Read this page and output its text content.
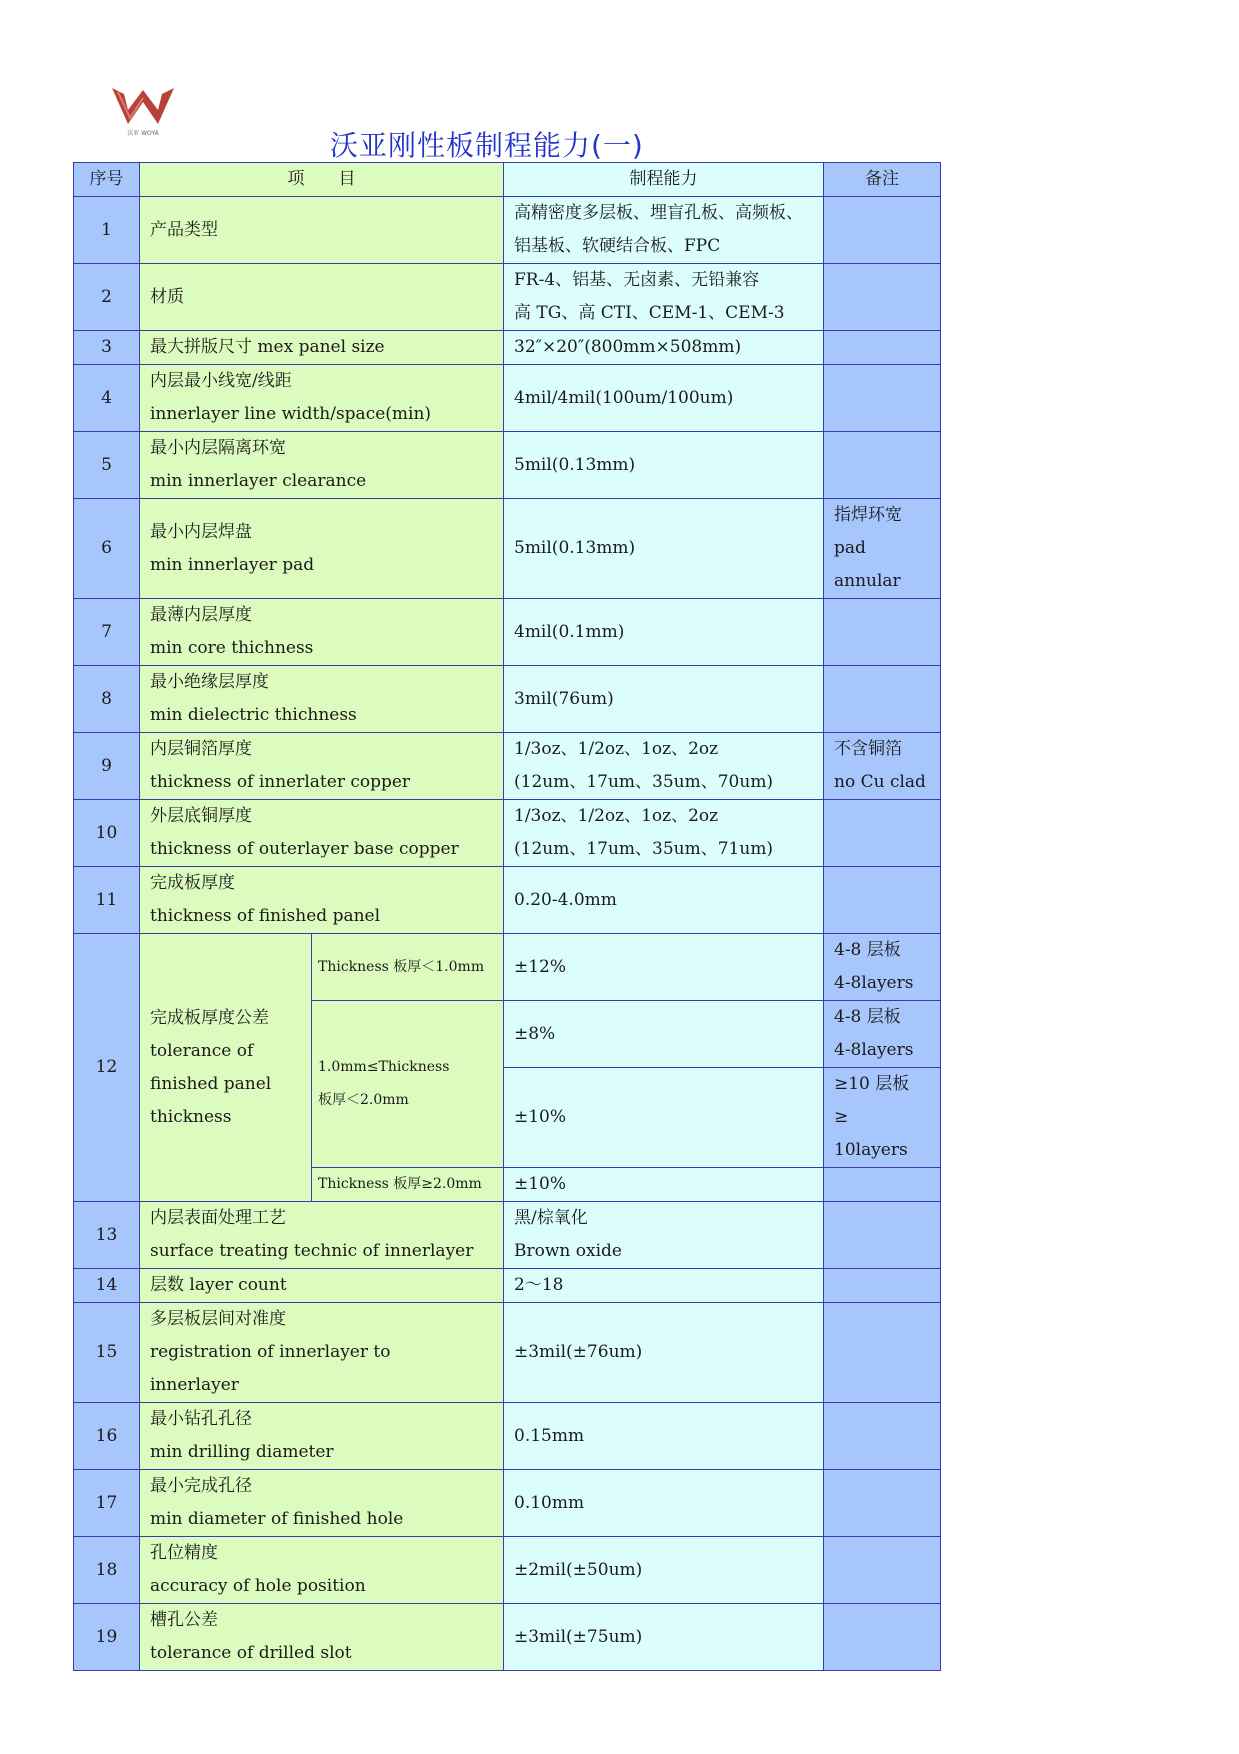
沃亚 WOYA	沃亚刚性板制程能力(一)
序号	项　　目		制程能力	备注
1	产品类型		高精密度多层板、埋盲孔板、高频板、
铝基板、软硬结合板、FPC	

2	材质		FR-4、铝基、无卤素、无铅兼容
高 TG、高 CTI、CEM-1、CEM-3	

3	最大拼版尺寸 mex panel size		32″×20″(800mm×508mm)	

4	内层最小线宽/线距
innerlayer line width/space(min)		4mil/4mil(100um/100um)	

5	最小内层隔离环宽
min innerlayer clearance		5mil(0.13mm)	

6	最小内层焊盘
min innerlayer pad		5mil(0.13mm)	指焊环宽
pad
annular

7	最薄内层厚度
min core thichness		4mil(0.1mm)	

8	最小绝缘层厚度
min dielectric thichness		3mil(76um)	

9	内层铜箔厚度
thickness of innerlater copper		1/3oz、1/2oz、1oz、2oz
(12um、17um、35um、70um)	不含铜箔
no Cu clad

10	外层底铜厚度
thickness of outerlayer base copper		1/3oz、1/2oz、1oz、2oz
(12um、17um、35um、71um)	

11	完成板厚度
thickness of finished panel		0.20-4.0mm	

12	完成板厚度公差
tolerance of
finished panel
thickness	Thickness 板厚＜1.0mm	±12%	4-8 层板
4-8layers

		1.0mm≤Thickness
板厚＜2.0mm	±8%	4-8 层板
4-8layers

			±10%	≥10 层板
≥
10layers

		Thickness 板厚≥2.0mm	±10%	
13	内层表面处理工艺
surface treating technic of innerlayer		黑/棕氧化
Brown oxide	

14	层数 layer count		2～18	

15	多层板层间对准度
registration of innerlayer to
innerlayer		±3mil(±76um)	

16	最小钻孔孔径
min drilling diameter		0.15mm	

17	最小完成孔径
min diameter of finished hole		0.10mm	

18	孔位精度
accuracy of hole position		±2mil(±50um)	

19	槽孔公差
tolerance of drilled slot		±3mil(±75um)	
